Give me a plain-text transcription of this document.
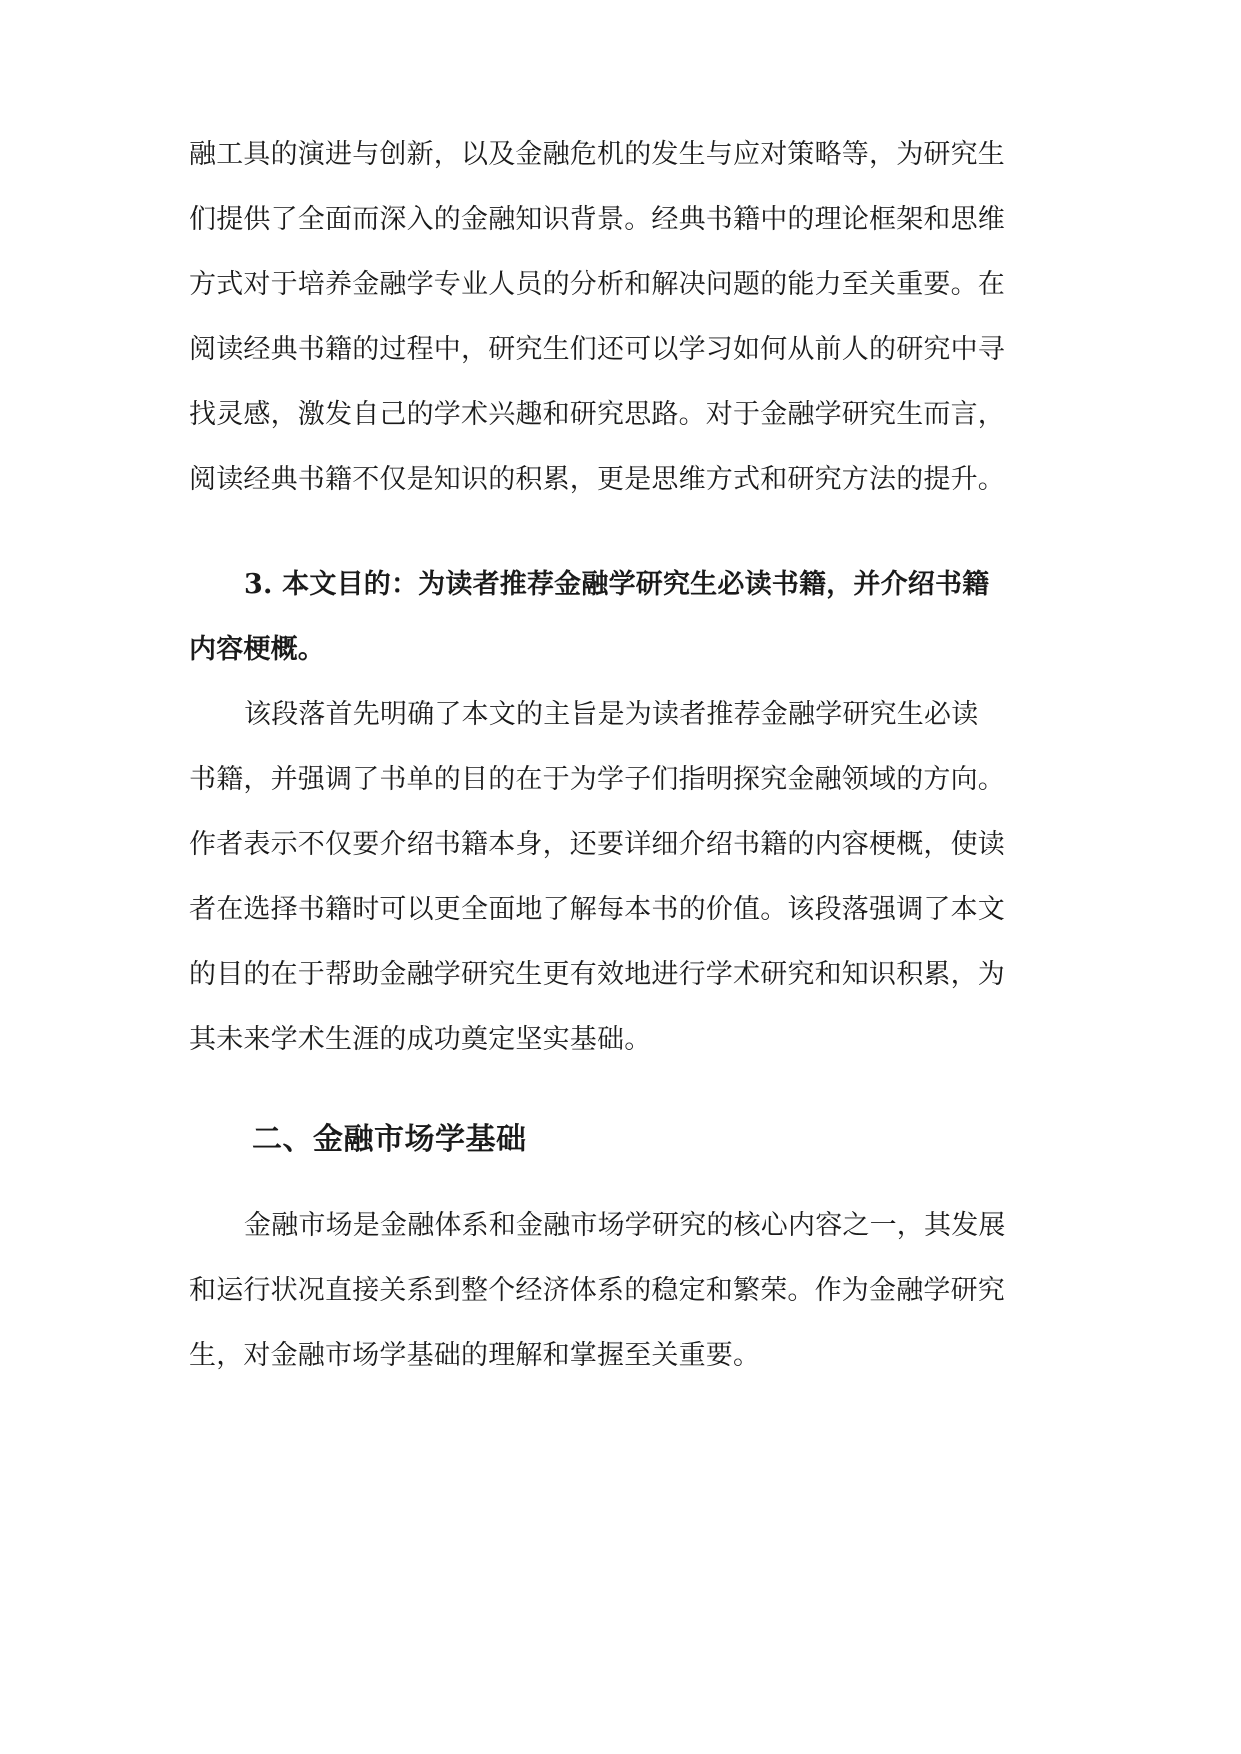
融工具的演进与创新，以及金融危机的发生与应对策略等，为研究生
们提供了全面而深入的金融知识背景。经典书籍中的理论框架和思维
方式对于培养金融学专业人员的分析和解决问题的能力至关重要。在
阅读经典书籍的过程中，研究生们还可以学习如何从前人的研究中寻
找灵感，激发自己的学术兴趣和研究思路。对于金融学研究生而言，
阅读经典书籍不仅是知识的积累，更是思维方式和研究方法的提升。
3. 本文目的：为读者推荐金融学研究生必读书籍，并介绍书籍
内容梗概。
该段落首先明确了本文的主旨是为读者推荐金融学研究生必读
书籍，并强调了书单的目的在于为学子们指明探究金融领域的方向。
作者表示不仅要介绍书籍本身，还要详细介绍书籍的内容梗概，使读
者在选择书籍时可以更全面地了解每本书的价值。该段落强调了本文
的目的在于帮助金融学研究生更有效地进行学术研究和知识积累，为
其未来学术生涯的成功奠定坚实基础。
二、金融市场学基础
金融市场是金融体系和金融市场学研究的核心内容之一，其发展
和运行状况直接关系到整个经济体系的稳定和繁荣。作为金融学研究
生，对金融市场学基础的理解和掌握至关重要。
